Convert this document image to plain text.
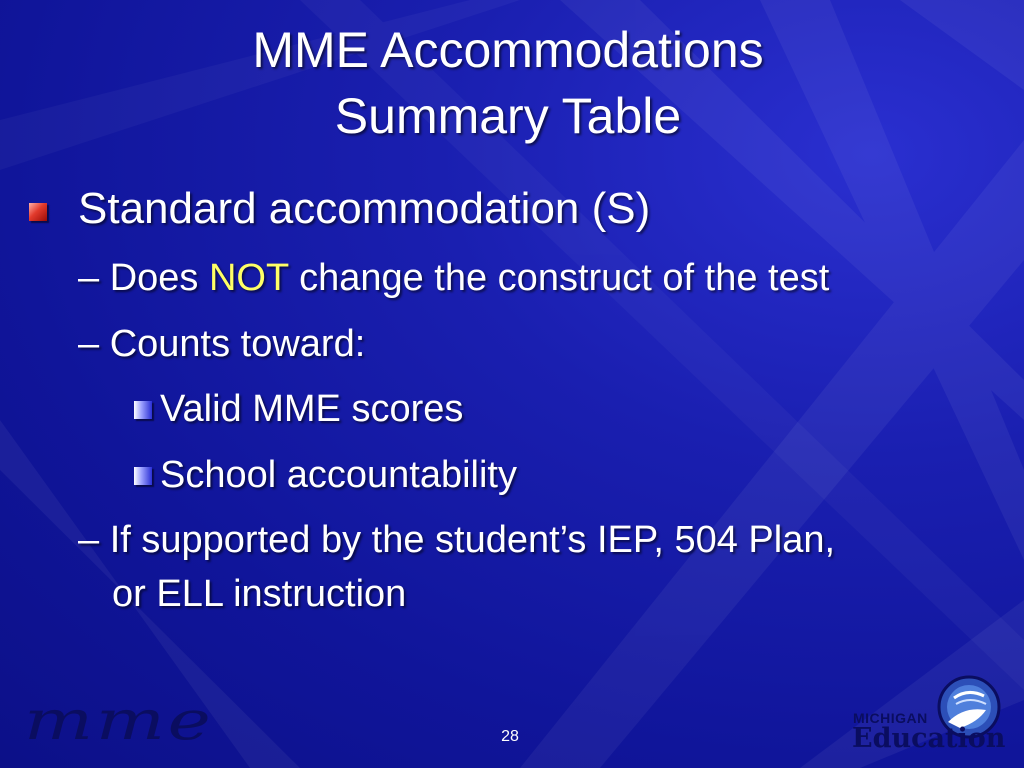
MME Accommodations
Summary Table
Standard accommodation (S)
– Does NOT change the construct of the test
– Counts toward:
Valid MME scores
School accountability
– If supported by the student’s IEP, 504 Plan,
or ELL instruction
mme	28
MICHIGAN
Education
